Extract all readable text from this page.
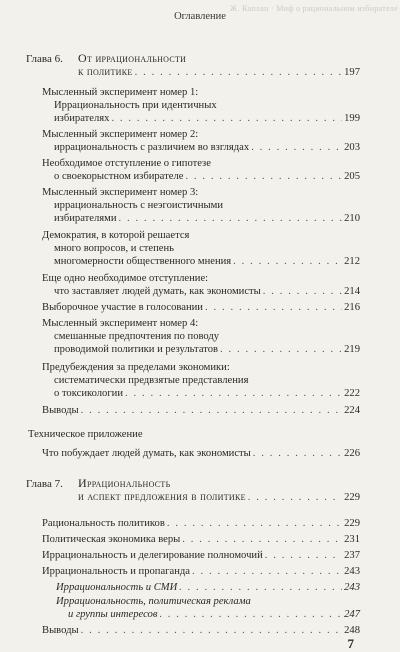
Ж. Каплан · Миф о рациональном избирателе
Оглавление
Глава 6. От иррациональности
к политике . . .	197
Мысленный эксперимент номер 1:
Иррациональность при идентичных
избирателях . . .	199
Мысленный эксперимент номер 2:
иррациональность с различием во взглядах . . .	203
Необходимое отступление о гипотезе
о своекорыстном избирателе . . .	205
Мысленный эксперимент номер 3:
иррациональность с неэгоистичными
избирателями . . .	210
Демократия, в которой решается
много вопросов, и степень
многомерности общественного мнения . . .	212
Еще одно необходимое отступление:
что заставляет людей думать, как экономисты . . .	214
Выборочное участие в голосовании . . .	216
Мысленный эксперимент номер 4:
смешанные предпочтения по поводу
проводимой политики и результатов . . .	219
Предубеждения за пределами экономики:
систематически предвзятые представления
о токсикологии . . .	222
Выводы . . .	224
Техническое приложение
Что побуждает людей думать, как экономисты . . .	226
Глава 7. Иррациональность
и аспект предложения в политике . . .	229
Рациональность политиков . . .	229
Политическая экономика веры . . .	231
Иррациональность и делегирование полномочий . . .	237
Иррациональность и пропаганда . . .	243
Иррациональность и СМИ . . .	243
Иррациональность, политическая реклама
и группы интересов . . .	247
Выводы . . .	248
7
